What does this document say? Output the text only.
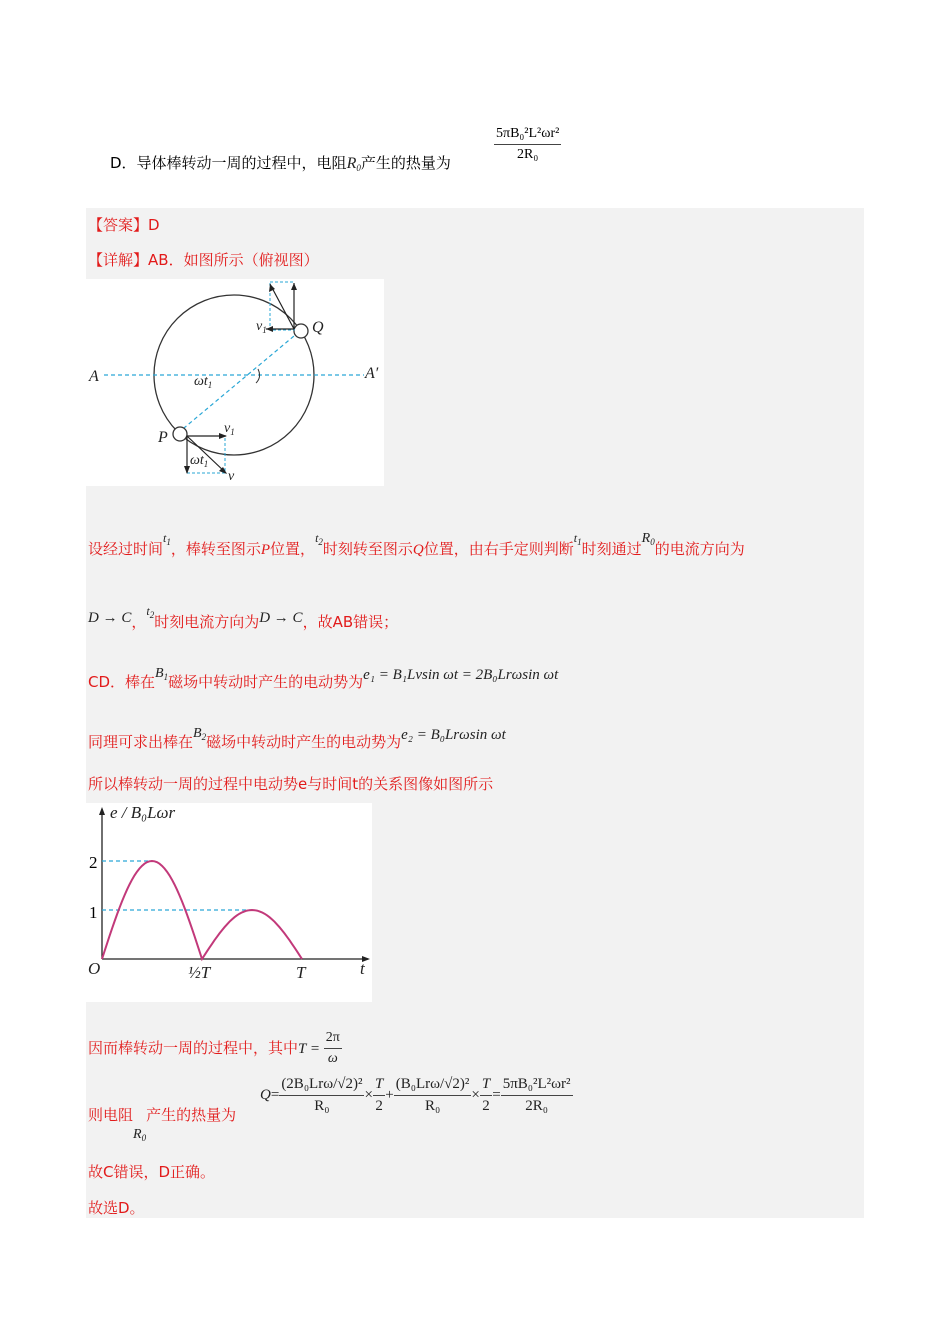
D．导体棒转动一周的过程中，电阻$R_0$产生的热量为
5πB₀²L²ωr²
2R₀
【答案】D
【详解】AB．如图所示（俯视图）
A	A′
Q
P
$v_1$
$v_1$
v
$\omega t_1$
$\omega t_1$
设经过时间$^{t_1}$，棒转至图示P位置，$^{t_2}$时刻转至图示Q位置，由右手定则判断$^{t_1}$时刻通过$R_0$的电流方向为
D → C，$^{t_2}$时刻电流方向为D → C，故AB错误；
CD．棒在$B_1$磁场中转动时产生的电动势为e₁ = B₁Lvsin ωt = 2B₀Lrωsin ωt
同理可求出棒在$B_2$磁场中转动时产生的电动势为e₂ = B₀Lrωsin ωt
所以棒转动一周的过程中电动势e与时间t的关系图像如图所示
e / B₀Lωr
O	t
2
1
½T	T
因而棒转动一周的过程中，其中$T = \frac{2\pi}{\omega}$
则电阻$R_0$产生的热量为
$Q = \frac{\text{(2B₀Lrω/√2)²}}{\text{R₀}} \times \frac{T}{2} + \frac{\text{(B₀Lrω/√2)²}}{\text{R₀}} \times \frac{T}{2} = \frac{\text{5πB₀²L²ωr²}}{\text{2R₀}}$
故C错误，D正确。
故选D。
